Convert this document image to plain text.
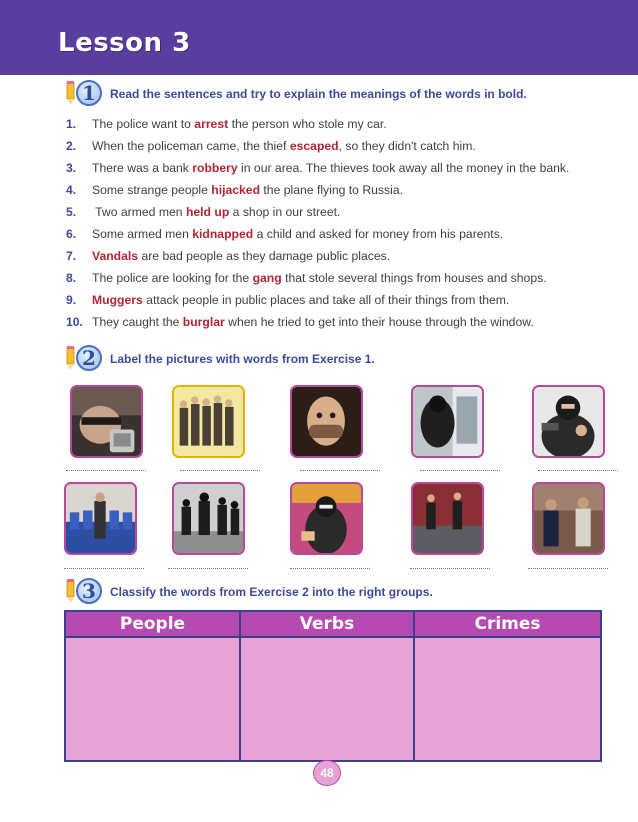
Lesson 3
1	Read the sentences and try to explain the meanings of the words in bold.
1. The police want to arrest the person who stole my car.
2. When the policeman came, the thief escaped, so they didn't catch him.
3. There was a bank robbery in our area. The thieves took away all the money in the bank.
4. Some strange people hijacked the plane flying to Russia.
5. Two armed men held up a shop in our street.
6. Some armed men kidnapped a child and asked for money from his parents.
7. Vandals are bad people as they damage public places.
8. The police are looking for the gang that stole several things from houses and shops.
9. Muggers attack people in public places and take all of their things from them.
10. They caught the burglar when he tried to get into their house through the window.
2	Label the pictures with words from Exercise 1.
3	Classify the words from Exercise 2 into the right groups.
People	Verbs	Crimes
48
